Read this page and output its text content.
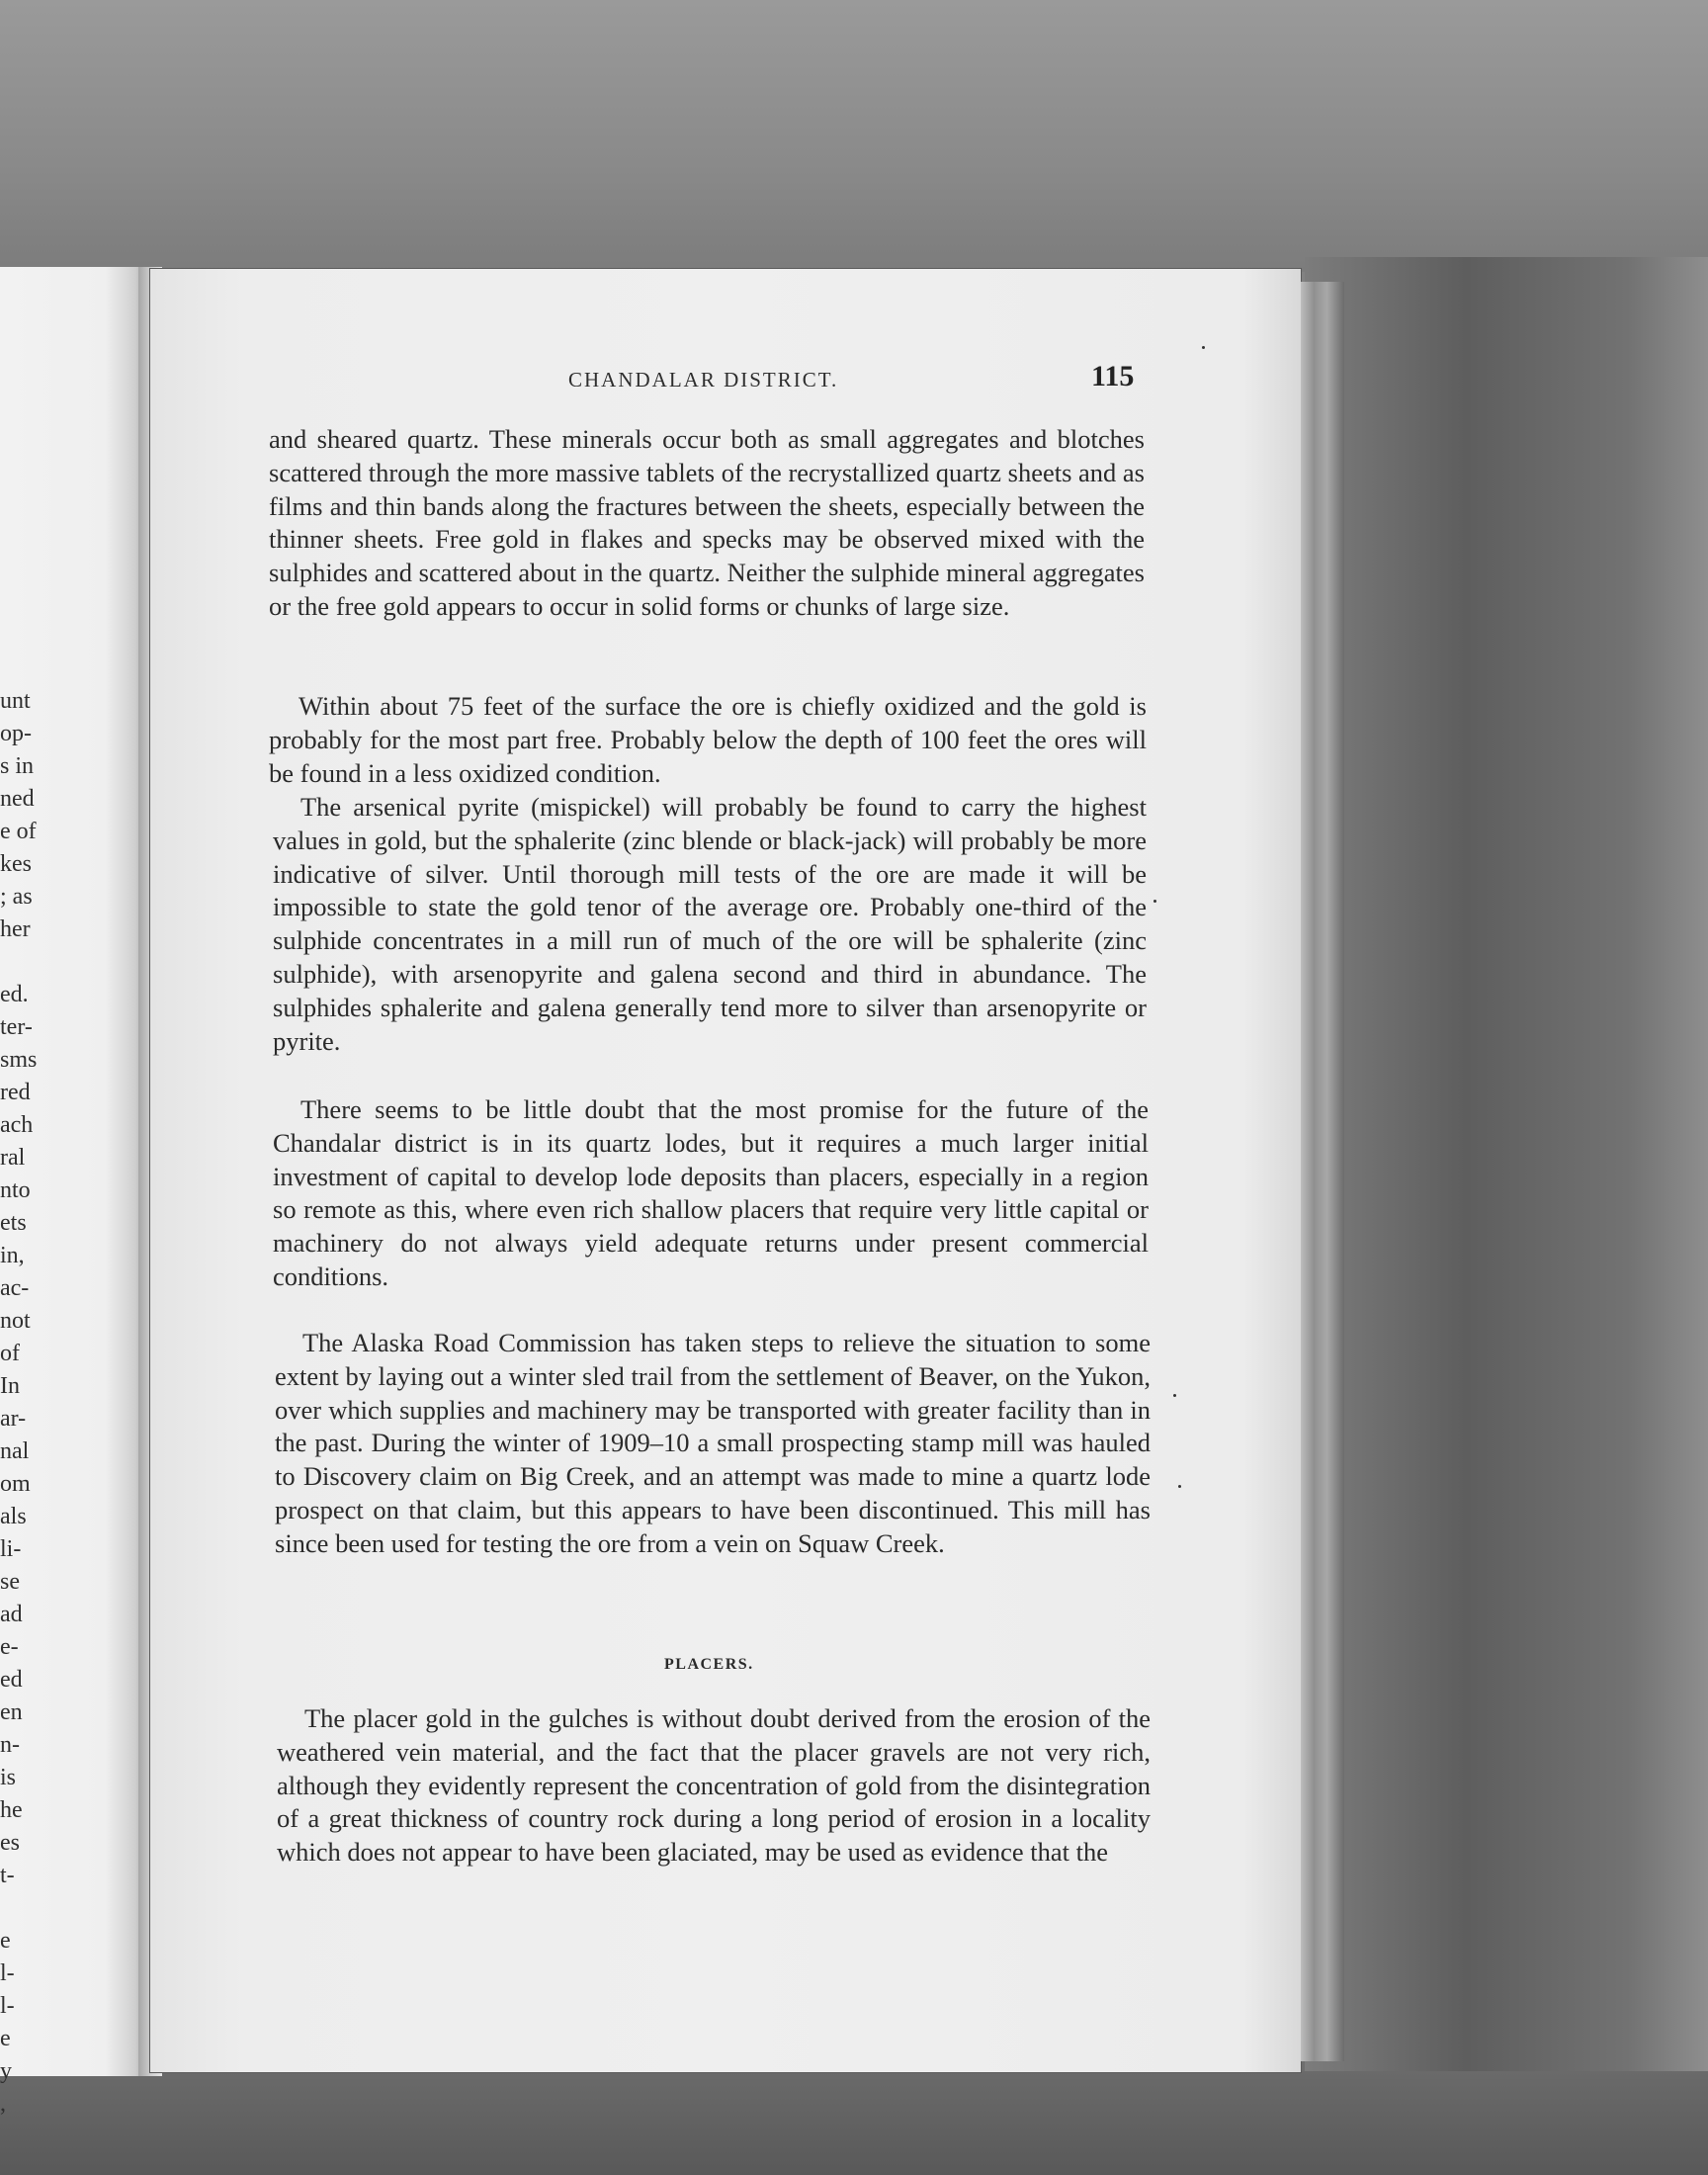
unt
op-
s in
ned
e of
kes
; as
her
ed.
ter-
sms
red
ach
ral
nto
ets
in,
ac-
not
of
In
ar-
nal
om
als
li-
se
ad
e-
ed
en
n-
is
he
es
t-
e
l-
l-
e
y
,
CHANDALAR DISTRICT.	115
and sheared quartz. These minerals occur both as small aggregates and blotches scattered through the more massive tablets of the recrystallized quartz sheets and as films and thin bands along the fractures between the sheets, especially between the thinner sheets. Free gold in flakes and specks may be observed mixed with the sulphides and scattered about in the quartz. Neither the sulphide mineral aggregates or the free gold appears to occur in solid forms or chunks of large size.
Within about 75 feet of the surface the ore is chiefly oxidized and the gold is probably for the most part free. Probably below the depth of 100 feet the ores will be found in a less oxidized condition.
The arsenical pyrite (mispickel) will probably be found to carry the highest values in gold, but the sphalerite (zinc blende or black-jack) will probably be more indicative of silver. Until thorough mill tests of the ore are made it will be impossible to state the gold tenor of the average ore. Probably one-third of the sulphide concentrates in a mill run of much of the ore will be sphalerite (zinc sulphide), with arsenopyrite and galena second and third in abundance. The sulphides sphalerite and galena generally tend more to silver than arsenopyrite or pyrite.
There seems to be little doubt that the most promise for the future of the Chandalar district is in its quartz lodes, but it requires a much larger initial investment of capital to develop lode deposits than placers, especially in a region so remote as this, where even rich shallow placers that require very little capital or machinery do not always yield adequate returns under present commercial conditions.
The Alaska Road Commission has taken steps to relieve the situation to some extent by laying out a winter sled trail from the settlement of Beaver, on the Yukon, over which supplies and machinery may be transported with greater facility than in the past. During the winter of 1909–10 a small prospecting stamp mill was hauled to Discovery claim on Big Creek, and an attempt was made to mine a quartz lode prospect on that claim, but this appears to have been discontinued. This mill has since been used for testing the ore from a vein on Squaw Creek.
PLACERS.
The placer gold in the gulches is without doubt derived from the erosion of the weathered vein material, and the fact that the placer gravels are not very rich, although they evidently represent the concentration of gold from the disintegration of a great thickness of country rock during a long period of erosion in a locality which does not appear to have been glaciated, may be used as evidence that the
